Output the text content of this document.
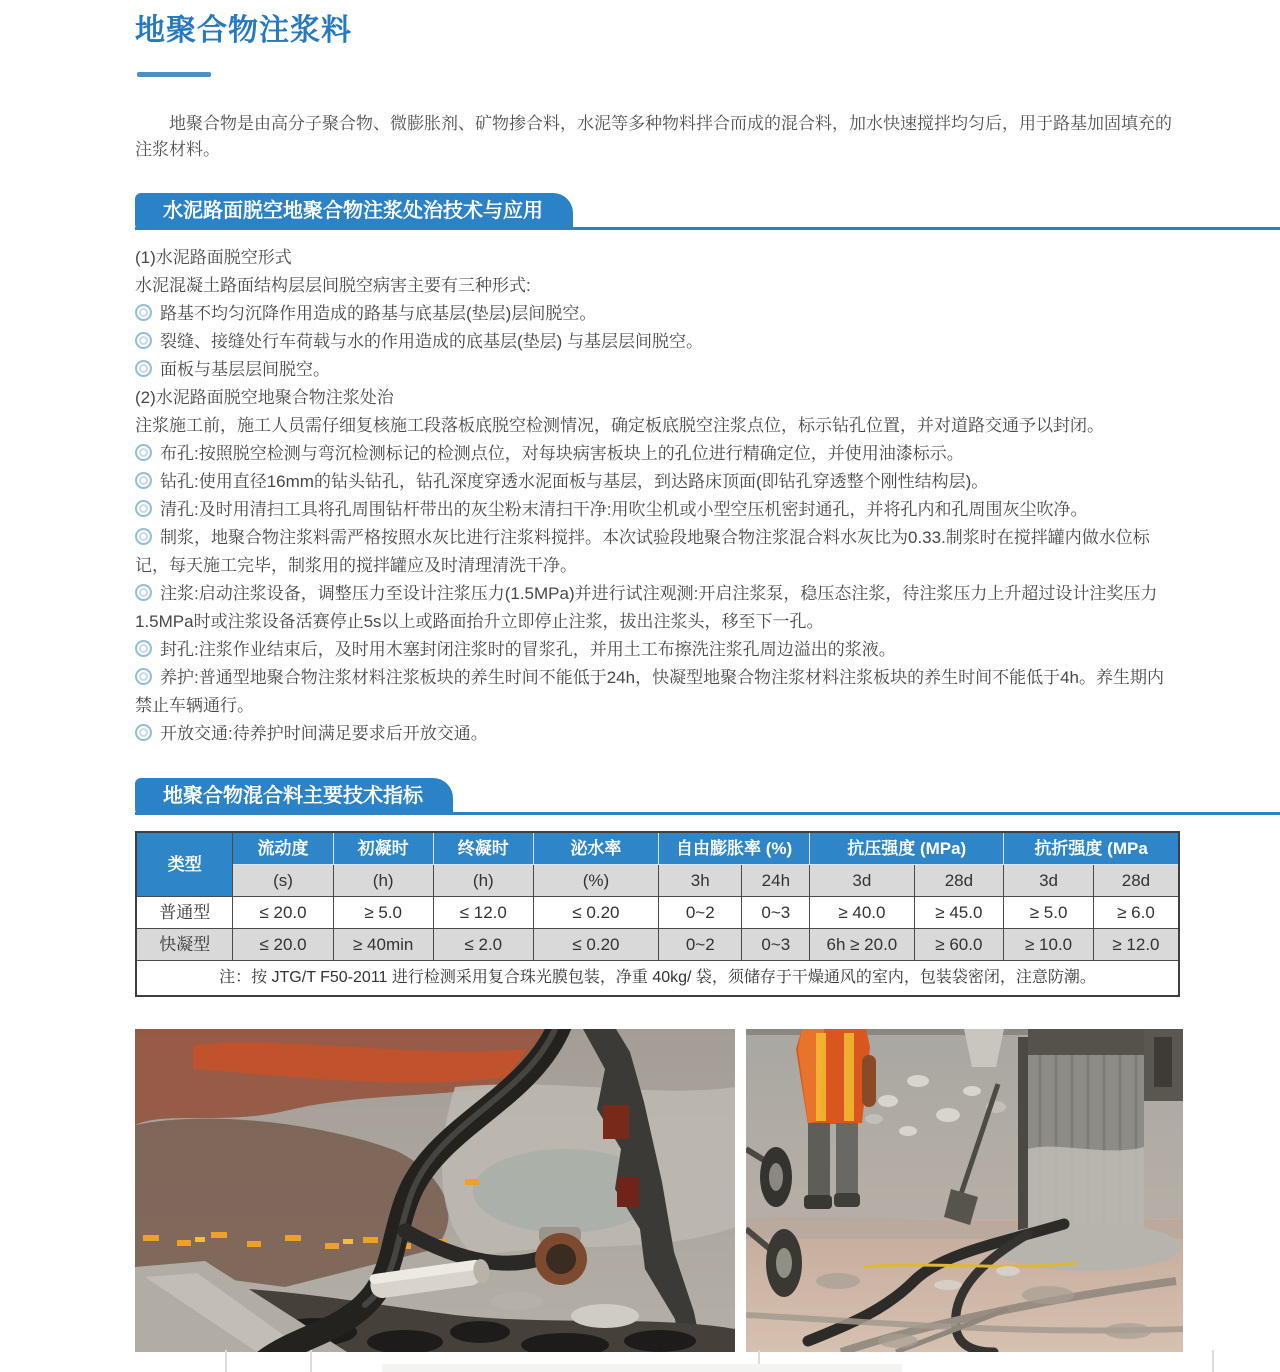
地聚合物注浆料

地聚合物是由高分子聚合物、微膨胀剂、矿物掺合料，水泥等多种物料拌合而成的混合料，加水快速搅拌均匀后，用于路基加固填充的注浆材料。

水泥路面脱空地聚合物注浆处治技术与应用

(1)水泥路面脱空形式

水泥混凝土路面结构层层间脱空病害主要有三种形式:

路基不均匀沉降作用造成的路基与底基层(垫层)层间脱空。

裂缝、接缝处行车荷载与水的作用造成的底基层(垫层) 与基层层间脱空。

面板与基层层间脱空。

(2)水泥路面脱空地聚合物注浆处治

注浆施工前，施工人员需仔细复核施工段落板底脱空检测情况，确定板底脱空注浆点位，标示钻孔位置，并对道路交通予以封闭。

布孔:按照脱空检测与弯沉检测标记的检测点位，对每块病害板块上的孔位进行精确定位，并使用油漆标示。

钻孔:使用直径16mm的钻头钻孔，钻孔深度穿透水泥面板与基层，到达路床顶面(即钻孔穿透整个刚性结构层)。

清孔:及时用清扫工具将孔周围钻杆带出的灰尘粉末清扫干净:用吹尘机或小型空压机密封通孔，并将孔内和孔周围灰尘吹净。

制浆，地聚合物注浆料需严格按照水灰比进行注浆料搅拌。本次试验段地聚合物注浆混合料水灰比为0.33.制浆时在搅拌罐内做水位标记，每天施工完毕，制浆用的搅拌罐应及时清理清洗干净。

注浆:启动注浆设备，调整压力至设计注浆压力(1.5MPa)并进行试注观测:开启注浆泵，稳压态注浆，待注浆压力上升超过设计注奖压力1.5MPa时或注浆设备活赛停止5s以上或路面抬升立即停止注浆，拔出注浆头，移至下一孔。

封孔:注浆作业结束后，及时用木塞封闭注浆时的冒浆孔，并用土工布擦洗注浆孔周边溢出的浆液。

养护:普通型地聚合物注浆材料注浆板块的养生时间不能低于24h，快凝型地聚合物注浆材料注浆板块的养生时间不能低于4h。养生期内禁止车辆通行。

开放交通:待养护时间满足要求后开放交通。

地聚合物混合料主要技术指标
类型	流动度	初凝时	终凝时	泌水率	自由膨胀率 (%)		抗压强度 (MPa)		抗折强度 (MPa	
	(s)	(h)	(h)	(%)	3h	24h	3d	28d	3d	28d
普通型	≤ 20.0	≥ 5.0	≤ 12.0	≤ 0.20	0~2	0~3	≥ 40.0	≥ 45.0	≥ 5.0	≥ 6.0
快凝型	≤ 20.0	≥ 40min	≤ 2.0	≤ 0.20	0~2	0~3	6h ≥ 20.0	≥ 60.0	≥ 10.0	≥ 12.0
注：按 JTG/T F50-2011 进行检测采用复合珠光膜包装，净重 40kg/ 袋，须储存于干燥通风的室内，包装袋密闭，注意防潮。										
